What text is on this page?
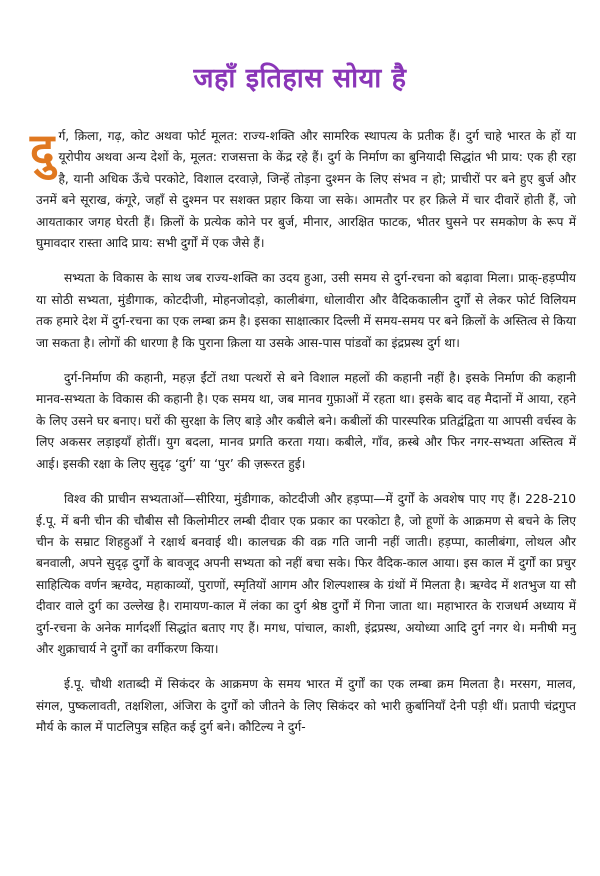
जहाँ इतिहास सोया है

दुर्ग, क़िला, गढ़, कोट अथवा फोर्ट मूलत: राज्य-शक्ति और सामरिक स्थापत्य के प्रतीक हैं। दुर्ग चाहे भारत के हों या यूरोपीय अथवा अन्य देशों के, मूलत: राजसत्ता के केंद्र रहे हैं। दुर्ग के निर्माण का बुनियादी सिद्धांत भी प्राय: एक ही रहा है, यानी अधिक ऊँचे परकोटे, विशाल दरवाज़े, जिन्हें तोड़ना दुश्मन के लिए संभव न हो; प्राचीरों पर बने हुए बुर्ज और उनमें बने सूराख, कंगूरे, जहाँ से दुश्मन पर सशक्त प्रहार किया जा सके। आमतौर पर हर क़िले में चार दीवारें होती हैं, जो आयताकार जगह घेरती हैं। क़िलों के प्रत्येक कोने पर बुर्ज, मीनार, आरक्षित फाटक, भीतर घुसने पर समकोण के रूप में घुमावदार रास्ता आदि प्राय: सभी दुर्गों में एक जैसे हैं।

सभ्यता के विकास के साथ जब राज्य-शक्ति का उदय हुआ, उसी समय से दुर्ग-रचना को बढ़ावा मिला। प्राक्-हड़प्पीय या सोठी सभ्यता, मुंडीगाक, कोटदीजी, मोहनजोदड़ो, कालीबंगा, धोलावीरा और वैदिककालीन दुर्गों से लेकर फोर्ट विलियम तक हमारे देश में दुर्ग-रचना का एक लम्बा क्रम है। इसका साक्षात्कार दिल्ली में समय-समय पर बने क़िलों के अस्तित्व से किया जा सकता है। लोगों की धारणा है कि पुराना क़िला या उसके आस-पास पांडवों का इंद्रप्रस्थ दुर्ग था।

दुर्ग-निर्माण की कहानी, महज़ ईंटों तथा पत्थरों से बने विशाल महलों की कहानी नहीं है। इसके निर्माण की कहानी मानव-सभ्यता के विकास की कहानी है। एक समय था, जब मानव गुफ़ाओं में रहता था। इसके बाद वह मैदानों में आया, रहने के लिए उसने घर बनाए। घरों की सुरक्षा के लिए बाड़े और कबीले बने। कबीलों की पारस्परिक प्रतिद्वंद्विता या आपसी वर्चस्व के लिए अकसर लड़ाइयाँ होतीं। युग बदला, मानव प्रगति करता गया। कबीले, गाँव, क़स्बे और फिर नगर-सभ्यता अस्तित्व में आई। इसकी रक्षा के लिए सुदृढ़ ‘दुर्ग’ या ‘पुर’ की ज़रूरत हुई।

विश्व की प्राचीन सभ्यताओं—सीरिया, मुंडीगाक, कोटदीजी और हड़प्पा—में दुर्गों के अवशेष पाए गए हैं। 228-210 ई.पू. में बनी चीन की चौबीस सौ किलोमीटर लम्बी दीवार एक प्रकार का परकोटा है, जो हूणों के आक्रमण से बचने के लिए चीन के सम्राट शिहहुआँ ने रक्षार्थ बनवाई थी। कालचक्र की वक्र गति जानी नहीं जाती। हड़प्पा, कालीबंगा, लोथल और बनवाली, अपने सुदृढ़ दुर्गों के बावजूद अपनी सभ्यता को नहीं बचा सके। फिर वैदिक-काल आया। इस काल में दुर्गों का प्रचुर साहित्यिक वर्णन ऋग्वेद, महाकाव्यों, पुराणों, स्मृतियों आगम और शिल्पशास्त्र के ग्रंथों में मिलता है। ऋग्वेद में शतभुज या सौ दीवार वाले दुर्ग का उल्लेख है। रामायण-काल में लंका का दुर्ग श्रेष्ठ दुर्गों में गिना जाता था। महाभारत के राजधर्म अध्याय में दुर्ग-रचना के अनेक मार्गदर्शी सिद्धांत बताए गए हैं। मगध, पांचाल, काशी, इंद्रप्रस्थ, अयोध्या आदि दुर्ग नगर थे। मनीषी मनु और शुक्राचार्य ने दुर्गों का वर्गीकरण किया।

ई.पू. चौथी शताब्दी में सिकंदर के आक्रमण के समय भारत में दुर्गों का एक लम्बा क्रम मिलता है। मरसग, मालव, संगल, पुष्कलावती, तक्षशिला, अंजिरा के दुर्गों को जीतने के लिए सिकंदर को भारी क़ुर्बानियाँ देनी पड़ी थीं। प्रतापी चंद्रगुप्त मौर्य के काल में पाटलिपुत्र सहित कई दुर्ग बने। कौटिल्य ने दुर्ग-
